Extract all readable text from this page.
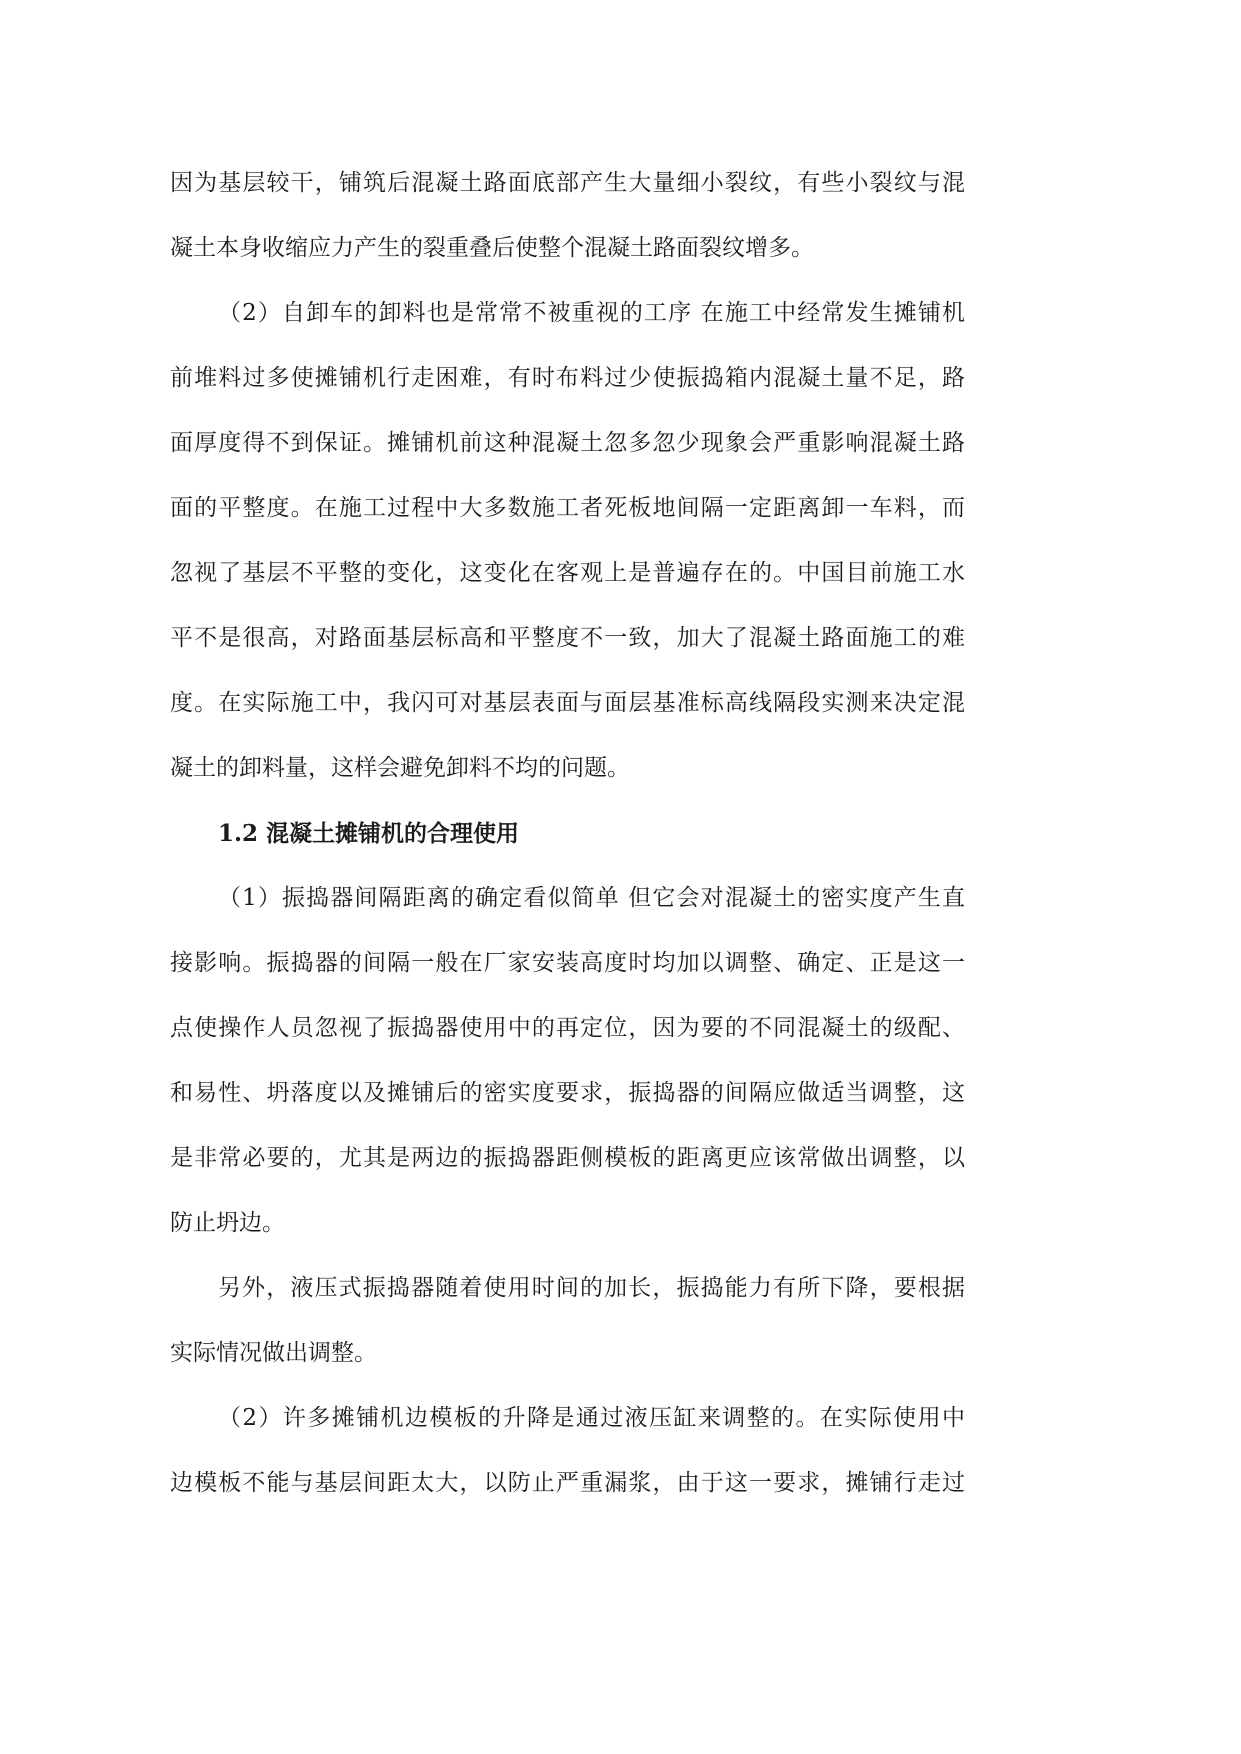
因为基层较干，铺筑后混凝土路面底部产生大量细小裂纹，有些小裂纹与混
凝土本身收缩应力产生的裂重叠后使整个混凝土路面裂纹增多。
（2）自卸车的卸料也是常常不被重视的工序 在施工中经常发生摊铺机
前堆料过多使摊铺机行走困难，有时布料过少使振捣箱内混凝土量不足，路
面厚度得不到保证。摊铺机前这种混凝土忽多忽少现象会严重影响混凝土路
面的平整度。在施工过程中大多数施工者死板地间隔一定距离卸一车料，而
忽视了基层不平整的变化，这变化在客观上是普遍存在的。中国目前施工水
平不是很高，对路面基层标高和平整度不一致，加大了混凝土路面施工的难
度。在实际施工中，我闪可对基层表面与面层基准标高线隔段实测来决定混
凝土的卸料量，这样会避免卸料不均的问题。
1.2 混凝土摊铺机的合理使用
（1）振捣器间隔距离的确定看似简单 但它会对混凝土的密实度产生直
接影响。振捣器的间隔一般在厂家安装高度时均加以调整、确定、正是这一
点使操作人员忽视了振捣器使用中的再定位，因为要的不同混凝土的级配、
和易性、坍落度以及摊铺后的密实度要求，振捣器的间隔应做适当调整，这
是非常必要的，尤其是两边的振捣器距侧模板的距离更应该常做出调整，以
防止坍边。
另外，液压式振捣器随着使用时间的加长，振捣能力有所下降，要根据
实际情况做出调整。
（2）许多摊铺机边模板的升降是通过液压缸来调整的。在实际使用中
边模板不能与基层间距太大，以防止严重漏浆，由于这一要求，摊铺行走过
